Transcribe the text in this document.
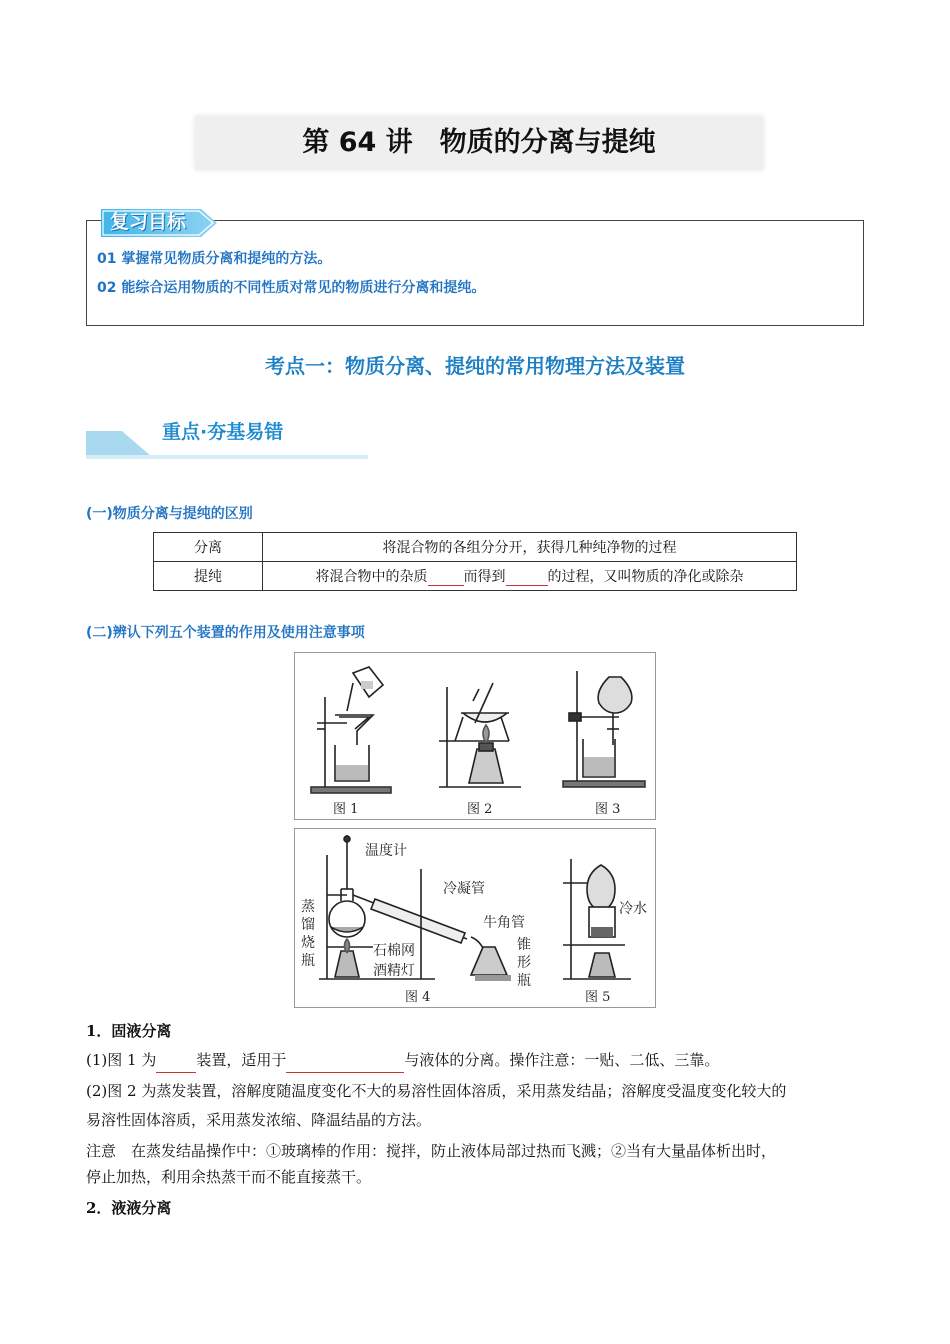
第 64 讲　物质的分离与提纯
复习目标
01 掌握常见物质分离和提纯的方法。
02 能综合运用物质的不同性质对常见的物质进行分离和提纯。
考点一：物质分离、提纯的常用物理方法及装置
重点·夯基易错
(一)物质分离与提纯的区别
分离	将混合物的各组分分开，获得几种纯净物的过程
提纯	将混合物中的杂质 而得到 的过程，又叫物质的净化或除杂
(二)辨认下列五个装置的作用及使用注意事项
图 1	图 2	图 3
温度计
蒸
馏
烧
瓶
冷凝管
牛角管
石棉网
酒精灯
锥
形
瓶
冷水
图 4	图 5
1．固液分离
(1)图 1 为	装置，适用于	与液体的分离。操作注意：一贴、二低、三靠。
(2)图 2 为蒸发装置，溶解度随温度变化不大的易溶性固体溶质，采用蒸发结晶；溶解度受温度变化较大的
易溶性固体溶质，采用蒸发浓缩、降温结晶的方法。
注意　在蒸发结晶操作中：①玻璃棒的作用：搅拌，防止液体局部过热而飞溅；②当有大量晶体析出时，
停止加热，利用余热蒸干而不能直接蒸干。
2．液液分离
